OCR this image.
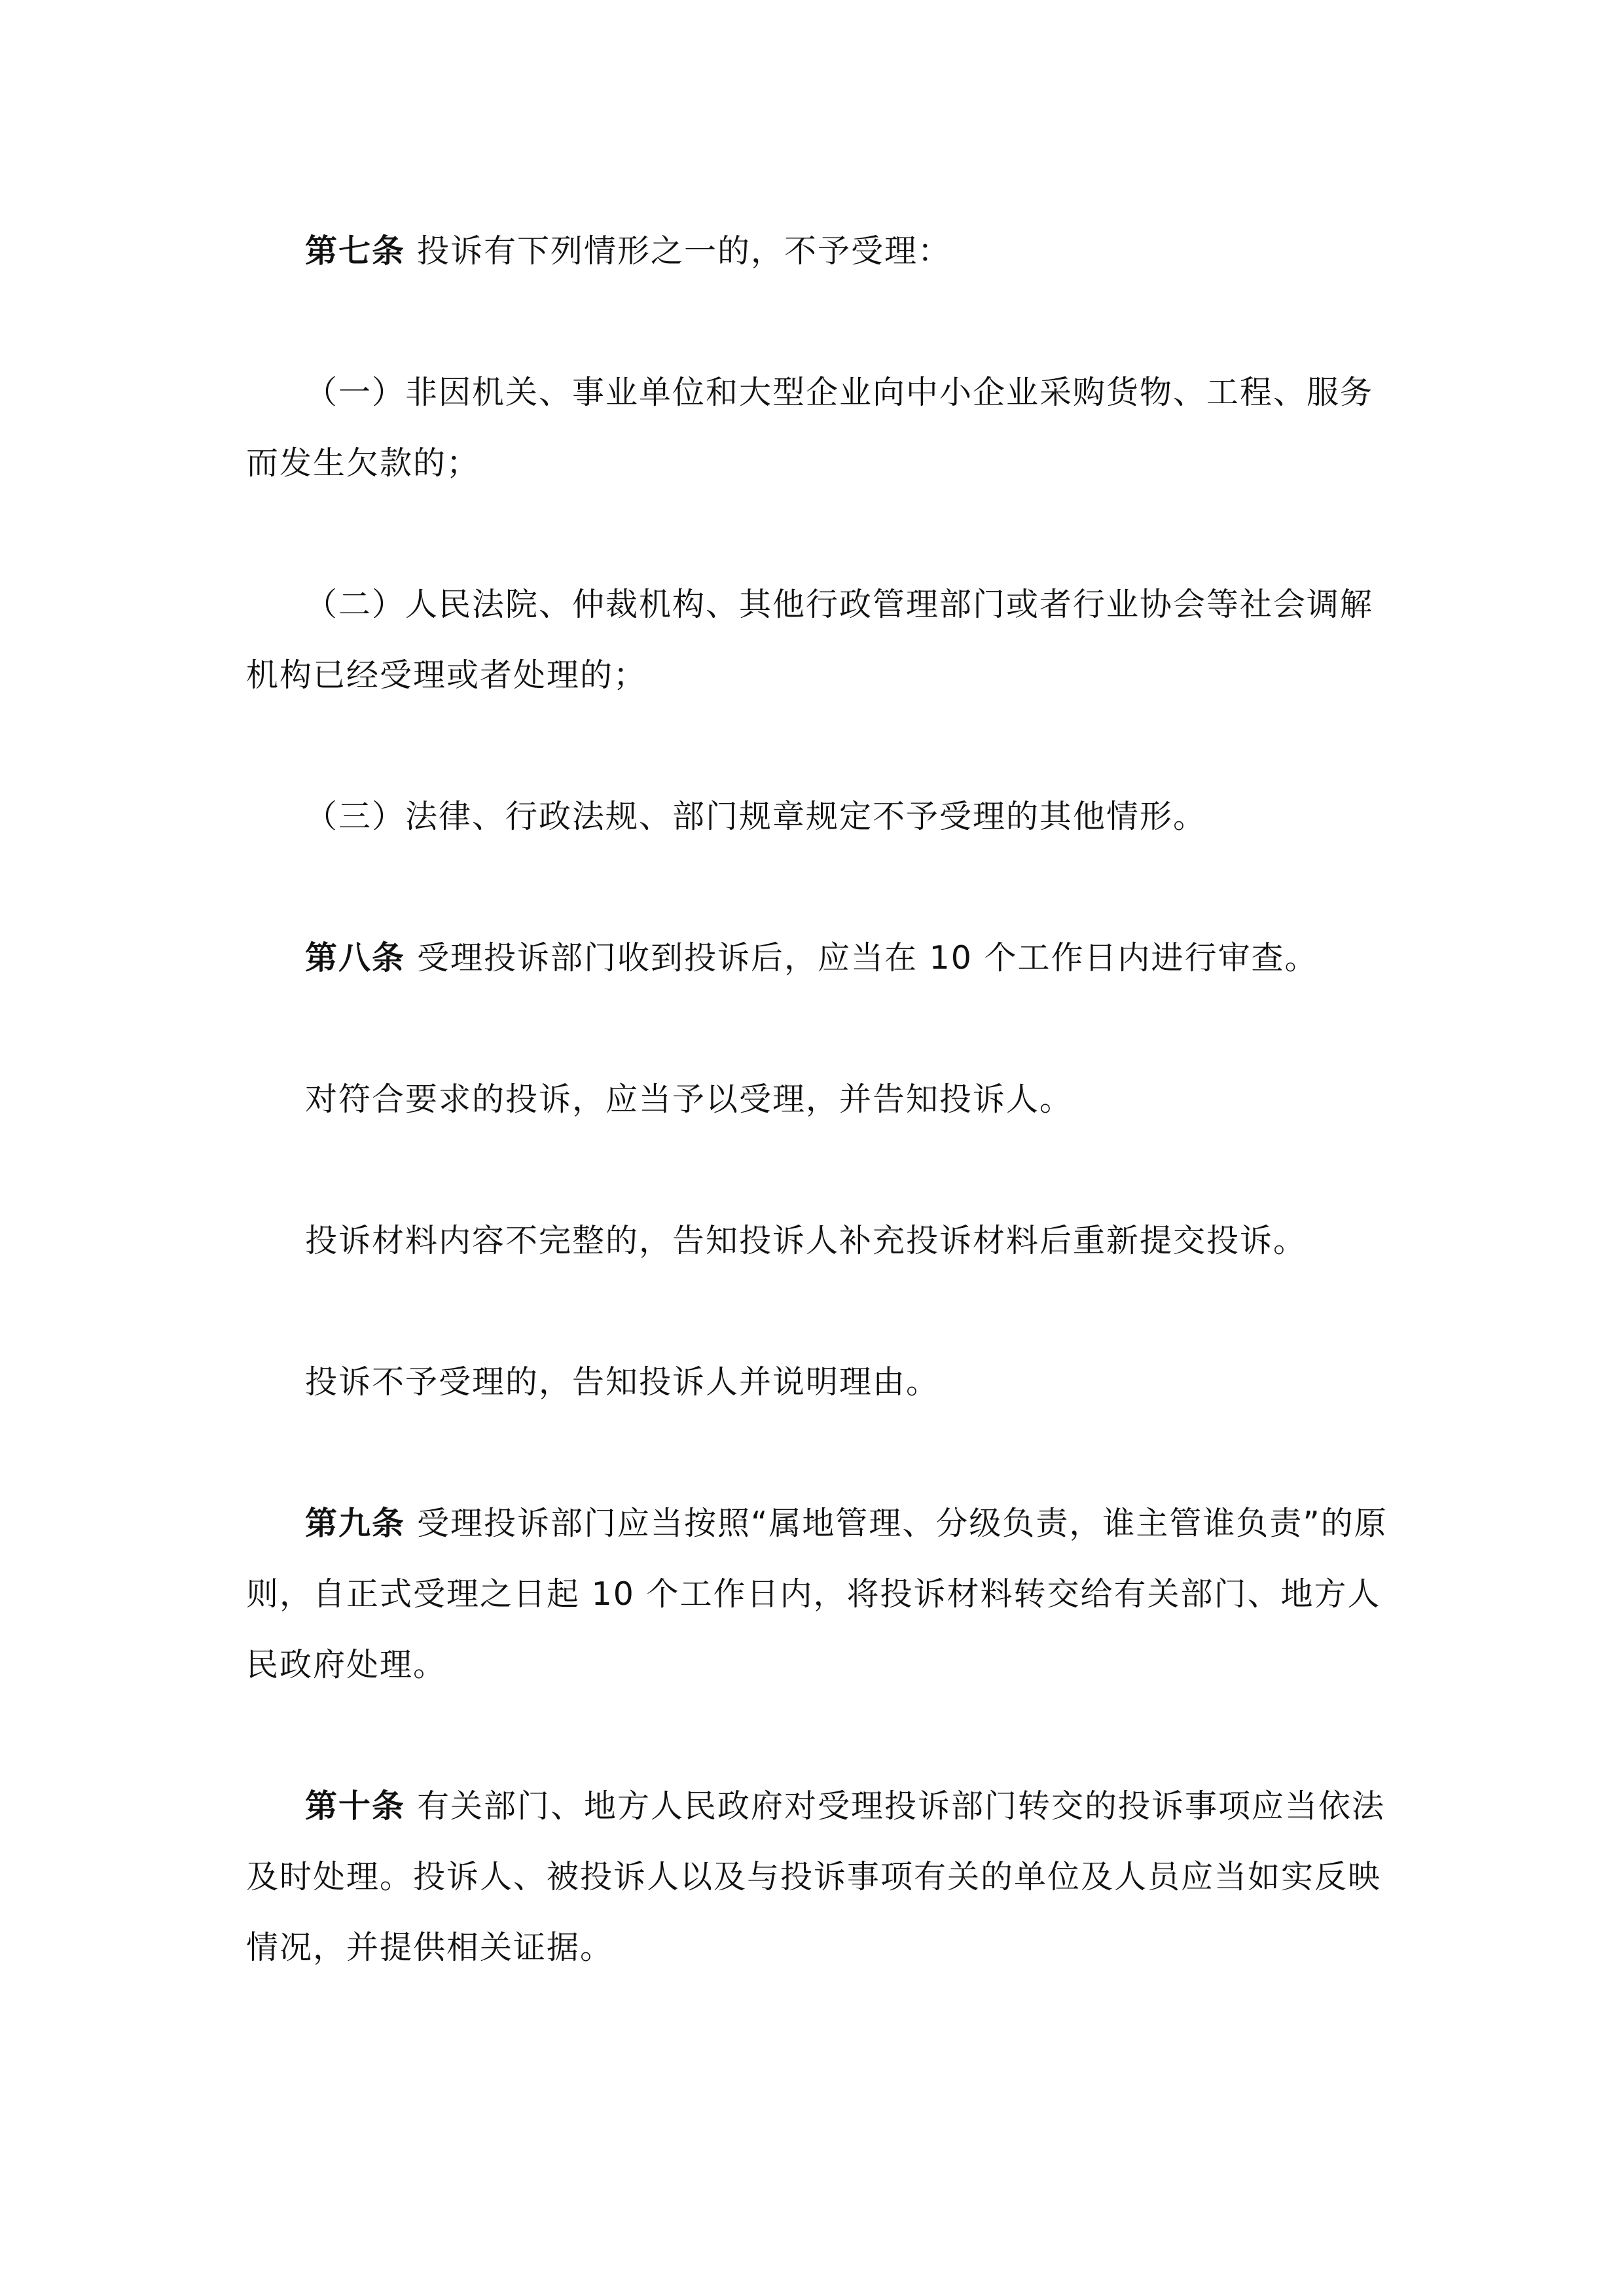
第七条 投诉有下列情形之一的，不予受理：

（一）非因机关、事业单位和大型企业向中小企业采购货物、工程、服务而发生欠款的；

（二）人民法院、仲裁机构、其他行政管理部门或者行业协会等社会调解机构已经受理或者处理的；

（三）法律、行政法规、部门规章规定不予受理的其他情形。

第八条 受理投诉部门收到投诉后，应当在 10 个工作日内进行审查。

对符合要求的投诉，应当予以受理，并告知投诉人。

投诉材料内容不完整的，告知投诉人补充投诉材料后重新提交投诉。

投诉不予受理的，告知投诉人并说明理由。

第九条 受理投诉部门应当按照“属地管理、分级负责，谁主管谁负责”的原则，自正式受理之日起 10 个工作日内，将投诉材料转交给有关部门、地方人民政府处理。

第十条 有关部门、地方人民政府对受理投诉部门转交的投诉事项应当依法及时处理。投诉人、被投诉人以及与投诉事项有关的单位及人员应当如实反映情况，并提供相关证据。
